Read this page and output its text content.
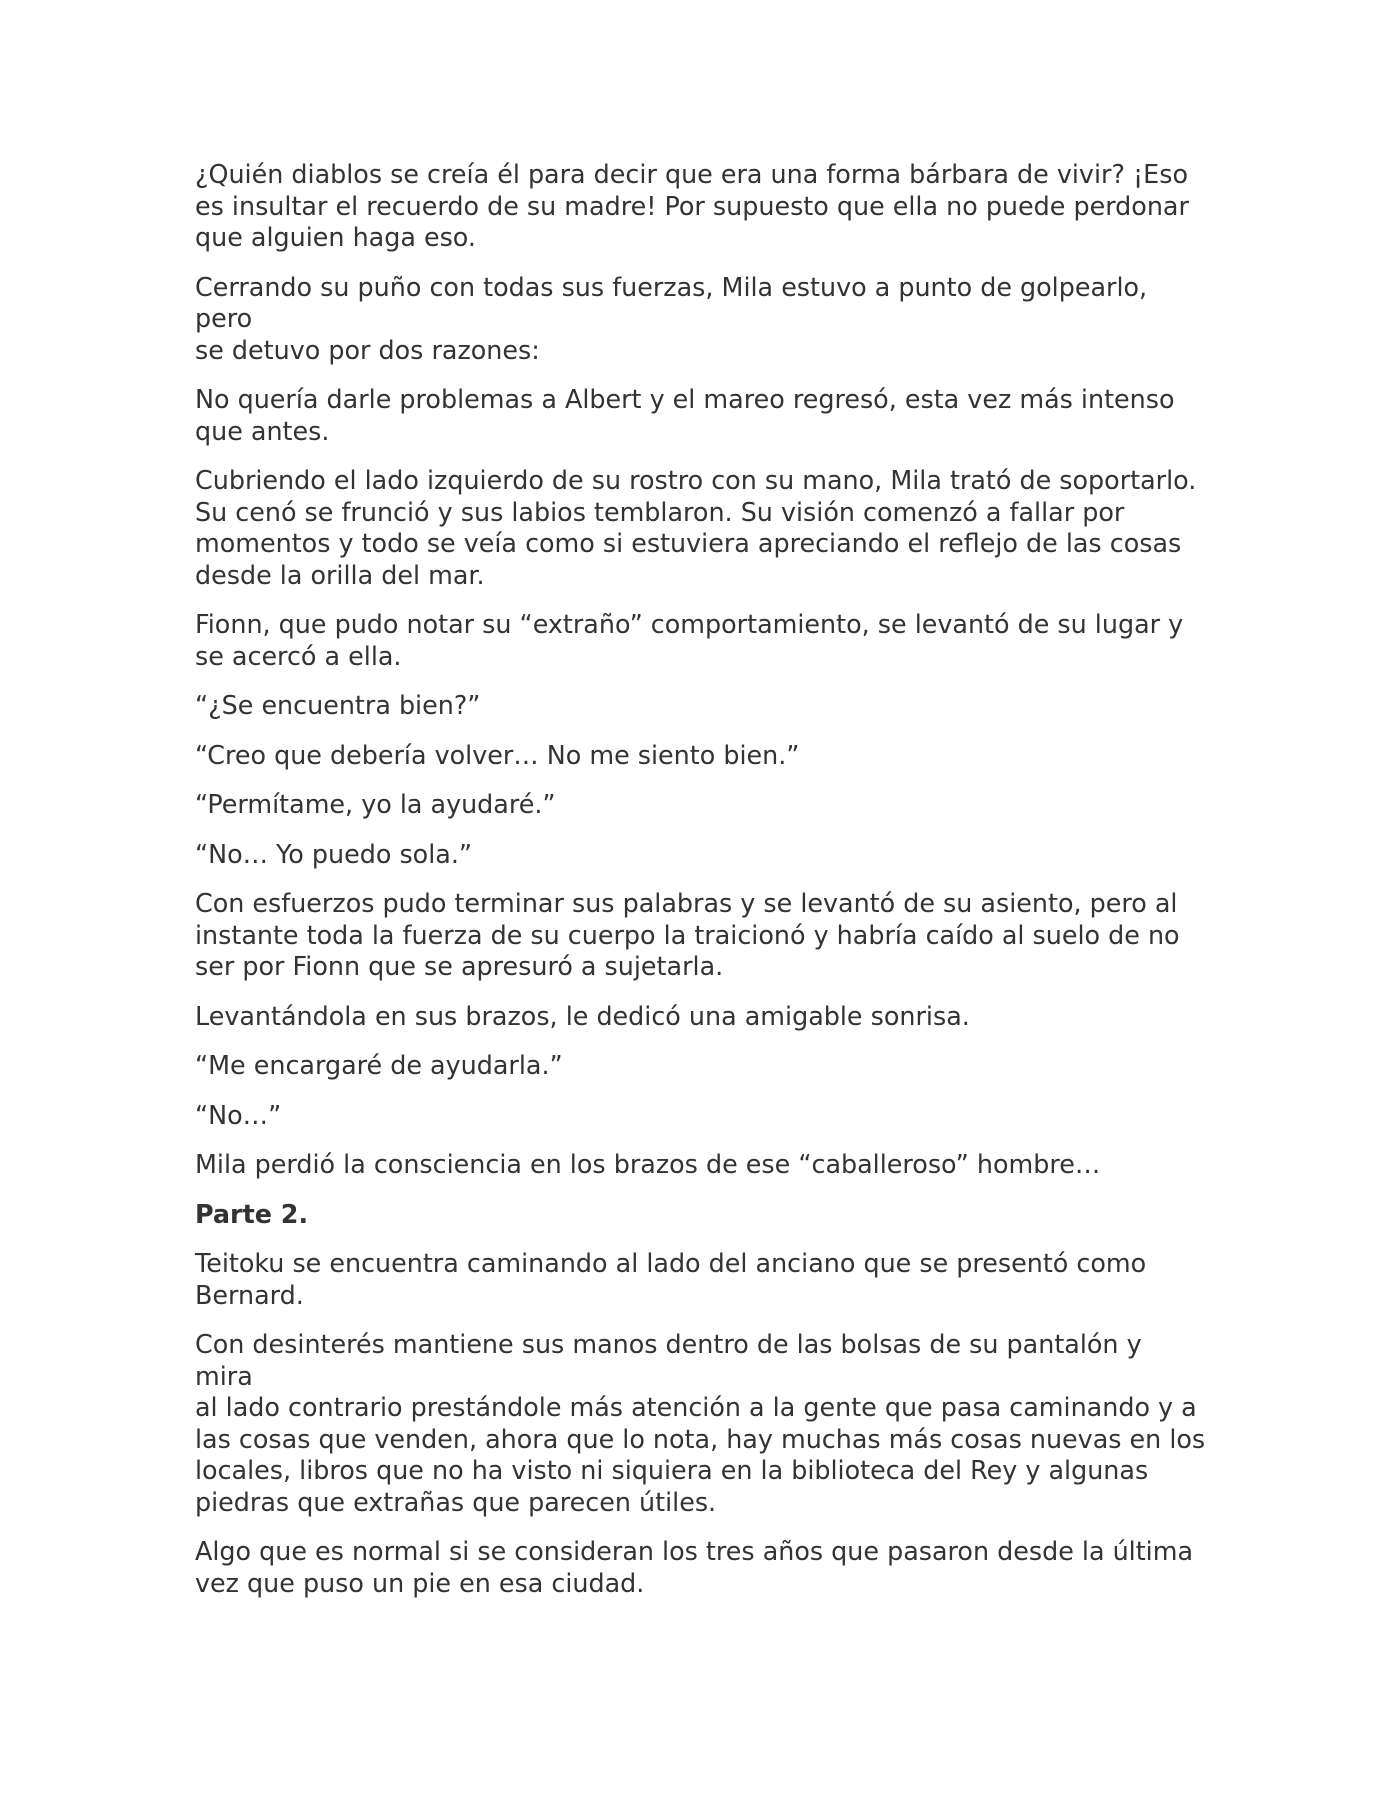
¿Quién diablos se creía él para decir que era una forma bárbara de vivir? ¡Eso
es insultar el recuerdo de su madre! Por supuesto que ella no puede perdonar
que alguien haga eso.

Cerrando su puño con todas sus fuerzas, Mila estuvo a punto de golpearlo, pero
se detuvo por dos razones:

No quería darle problemas a Albert y el mareo regresó, esta vez más intenso
que antes.

Cubriendo el lado izquierdo de su rostro con su mano, Mila trató de soportarlo.
Su cenó se frunció y sus labios temblaron. Su visión comenzó a fallar por
momentos y todo se veía como si estuviera apreciando el reflejo de las cosas
desde la orilla del mar.

Fionn, que pudo notar su “extraño” comportamiento, se levantó de su lugar y
se acercó a ella.

“¿Se encuentra bien?”

“Creo que debería volver… No me siento bien.”

“Permítame, yo la ayudaré.”

“No… Yo puedo sola.”

Con esfuerzos pudo terminar sus palabras y se levantó de su asiento, pero al
instante toda la fuerza de su cuerpo la traicionó y habría caído al suelo de no
ser por Fionn que se apresuró a sujetarla.

Levantándola en sus brazos, le dedicó una amigable sonrisa.

“Me encargaré de ayudarla.”

“No…”

Mila perdió la consciencia en los brazos de ese “caballeroso” hombre…

Parte 2.

Teitoku se encuentra caminando al lado del anciano que se presentó como
Bernard.

Con desinterés mantiene sus manos dentro de las bolsas de su pantalón y mira
al lado contrario prestándole más atención a la gente que pasa caminando y a
las cosas que venden, ahora que lo nota, hay muchas más cosas nuevas en los
locales, libros que no ha visto ni siquiera en la biblioteca del Rey y algunas
piedras que extrañas que parecen útiles.

Algo que es normal si se consideran los tres años que pasaron desde la última
vez que puso un pie en esa ciudad.
